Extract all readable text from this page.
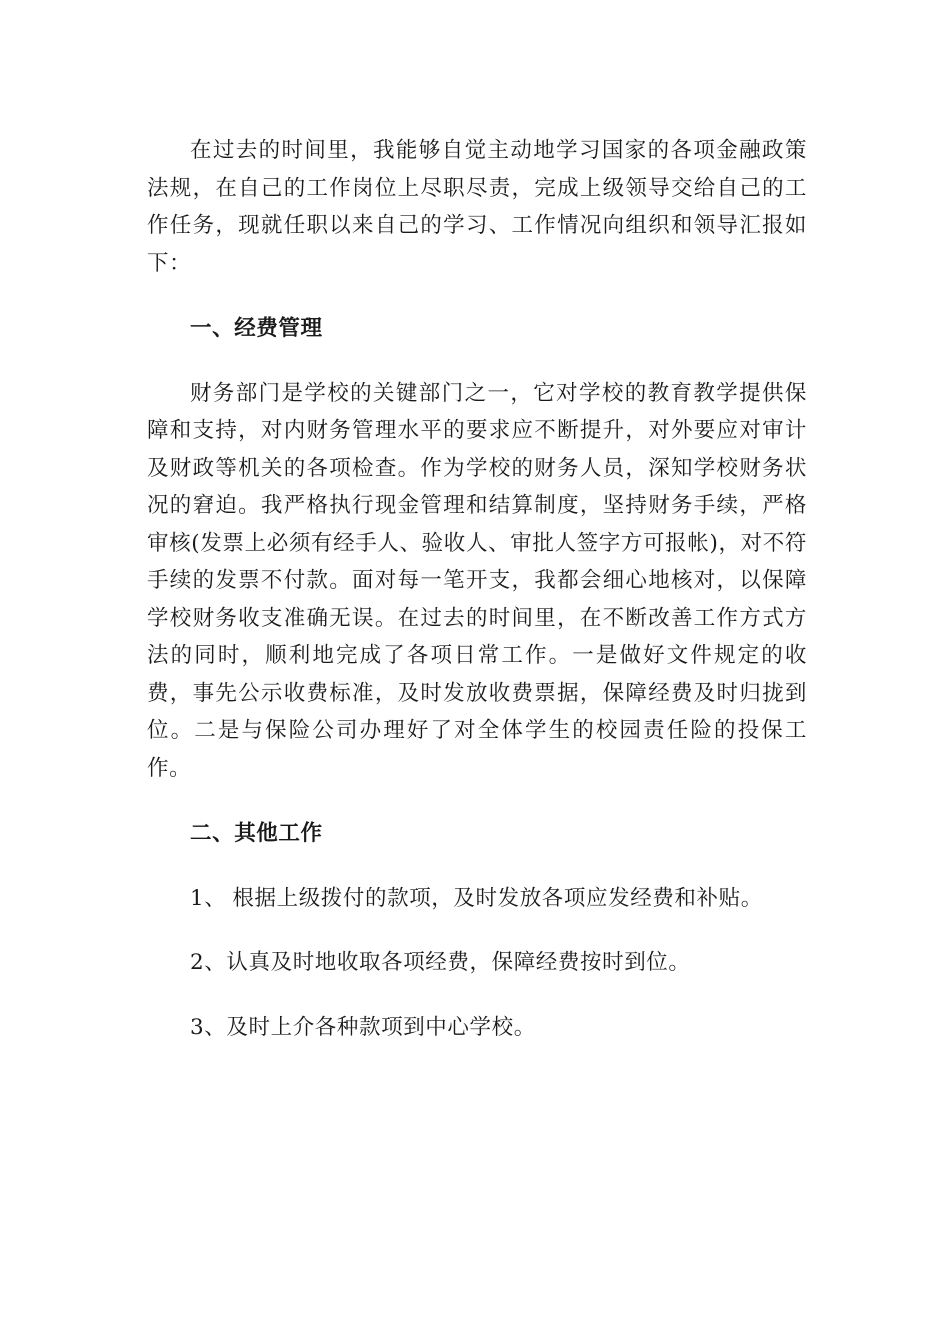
在过去的时间里，我能够自觉主动地学习国家的各项金融政策法规，在自己的工作岗位上尽职尽责，完成上级领导交给自己的工作任务，现就任职以来自己的学习、工作情况向组织和领导汇报如下：

一、经费管理

财务部门是学校的关键部门之一，它对学校的教育教学提供保障和支持，对内财务管理水平的要求应不断提升，对外要应对审计及财政等机关的各项检查。作为学校的财务人员，深知学校财务状况的窘迫。我严格执行现金管理和结算制度，坚持财务手续，严格审核(发票上必须有经手人、验收人、审批人签字方可报帐)，对不符手续的发票不付款。面对每一笔开支，我都会细心地核对，以保障学校财务收支准确无误。在过去的时间里，在不断改善工作方式方法的同时，顺利地完成了各项日常工作。一是做好文件规定的收费，事先公示收费标准，及时发放收费票据，保障经费及时归拢到位。二是与保险公司办理好了对全体学生的校园责任险的投保工作。

二、其他工作

1、 根据上级拨付的款项，及时发放各项应发经费和补贴。

2、认真及时地收取各项经费，保障经费按时到位。

3、及时上介各种款项到中心学校。
